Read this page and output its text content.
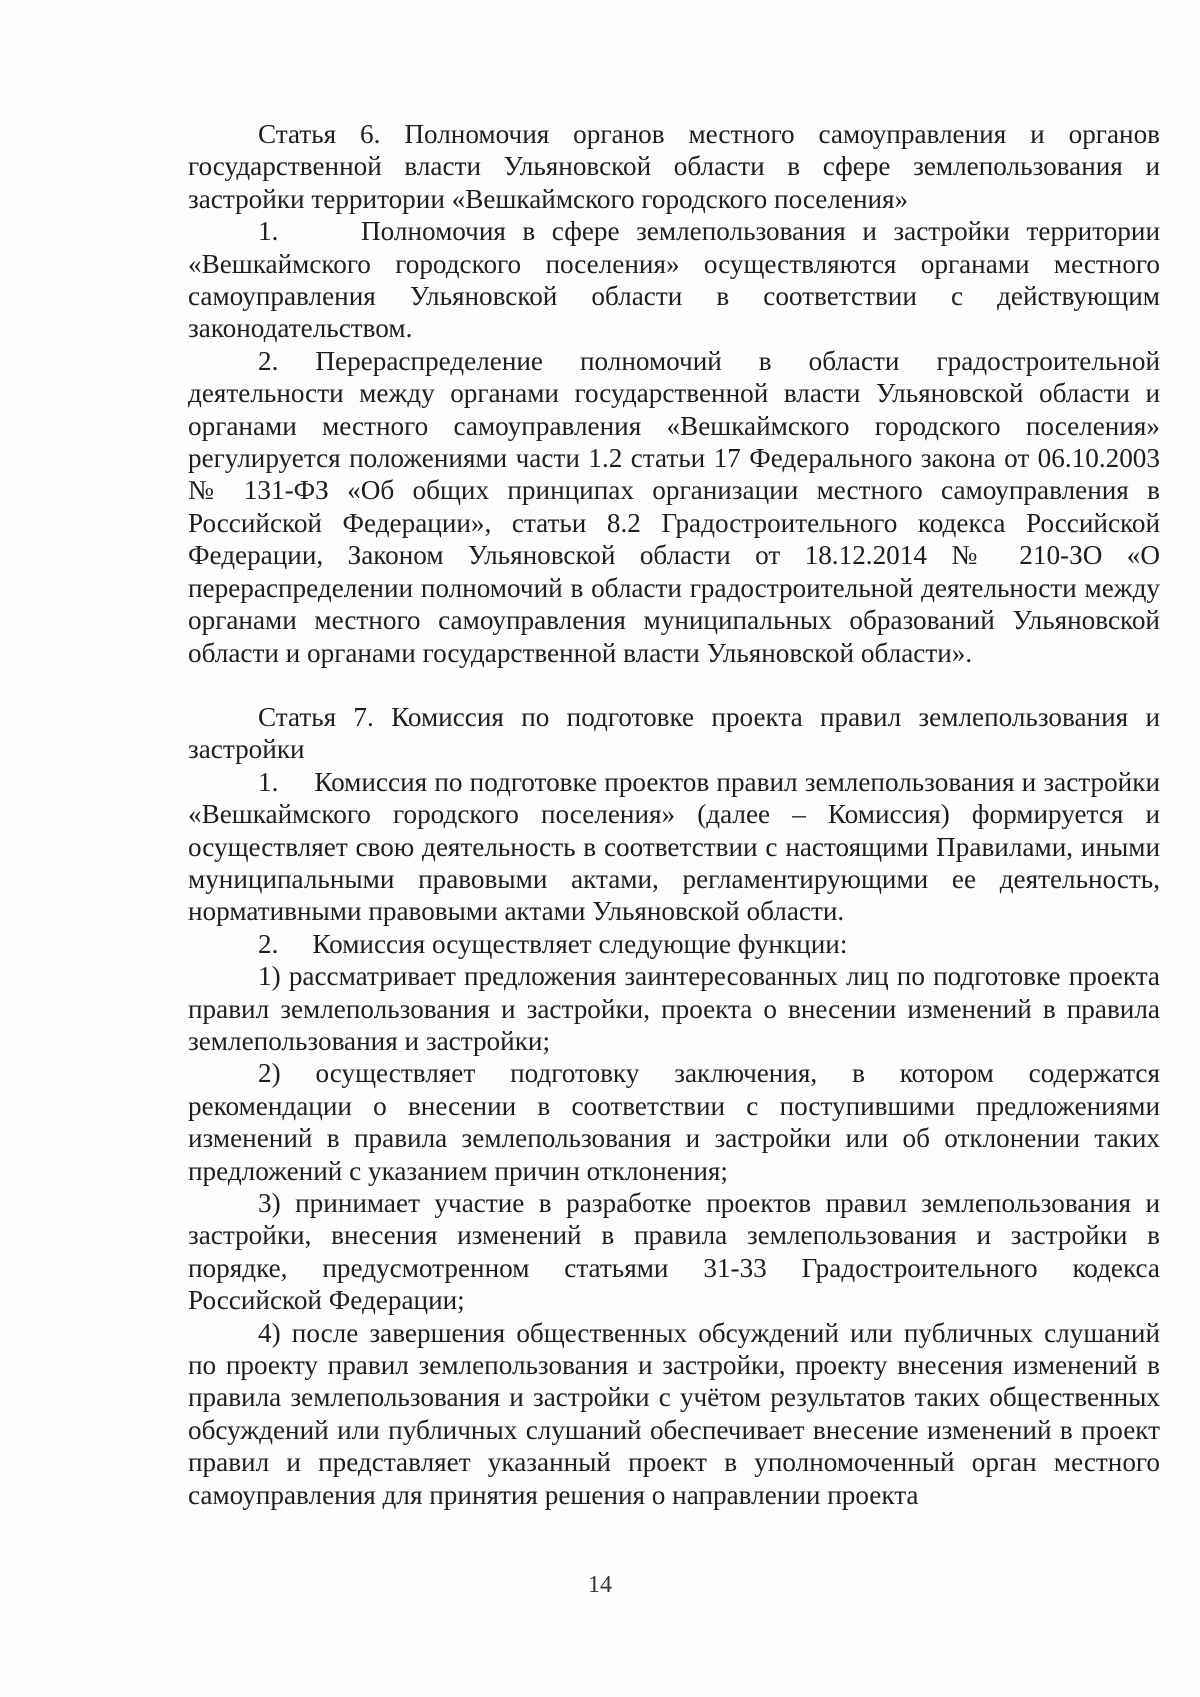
Статья 6. Полномочия органов местного самоуправления и органов государственной власти Ульяновской области в сфере землепользования и застройки территории «Вешкаймского городского поселения»

1.     Полномочия в сфере землепользования и застройки территории «Вешкаймского городского поселения» осуществляются органами местного самоуправления Ульяновской области в соответствии с действующим законодательством.

2. Перераспределение полномочий в области градостроительной деятельности между органами государственной власти Ульяновской области и органами местного самоуправления «Вешкаймского городского поселения» регулируется положениями части 1.2 статьи 17 Федерального закона от 06.10.2003 № 131-ФЗ «Об общих принципах организации местного самоуправления в Российской Федерации», статьи 8.2 Градостроительного кодекса Российской Федерации, Законом Ульяновской области от 18.12.2014 № 210-ЗО «О перераспределении полномочий в области градостроительной деятельности между органами местного самоуправления муниципальных образований Ульяновской области и органами государственной власти Ульяновской области».

Статья 7. Комиссия по подготовке проекта правил землепользования и застройки

1.     Комиссия по подготовке проектов правил землепользования и застройки «Вешкаймского городского поселения» (далее – Комиссия) формируется и осуществляет свою деятельность в соответствии с настоящими Правилами, иными муниципальными правовыми актами, регламентирующими ее деятельность, нормативными правовыми актами Ульяновской области.

2.     Комиссия осуществляет следующие функции:

1) рассматривает предложения заинтересованных лиц по подготовке проекта правил землепользования и застройки, проекта о внесении изменений в правила землепользования и застройки;

2) осуществляет подготовку заключения, в котором содержатся рекомендации о внесении в соответствии с поступившими предложениями изменений в правила землепользования и застройки или об отклонении таких предложений с указанием причин отклонения;

3) принимает участие в разработке проектов правил землепользования и застройки, внесения изменений в правила землепользования и застройки в порядке, предусмотренном статьями 31-33 Градостроительного кодекса Российской Федерации;

4) после завершения общественных обсуждений или публичных слушаний по проекту правил землепользования и застройки, проекту внесения изменений в правила землепользования и застройки с учётом результатов таких общественных обсуждений или публичных слушаний обеспечивает внесение изменений в проект правил и представляет указанный проект в уполномоченный орган местного самоуправления для принятия решения о направлении проекта

14
